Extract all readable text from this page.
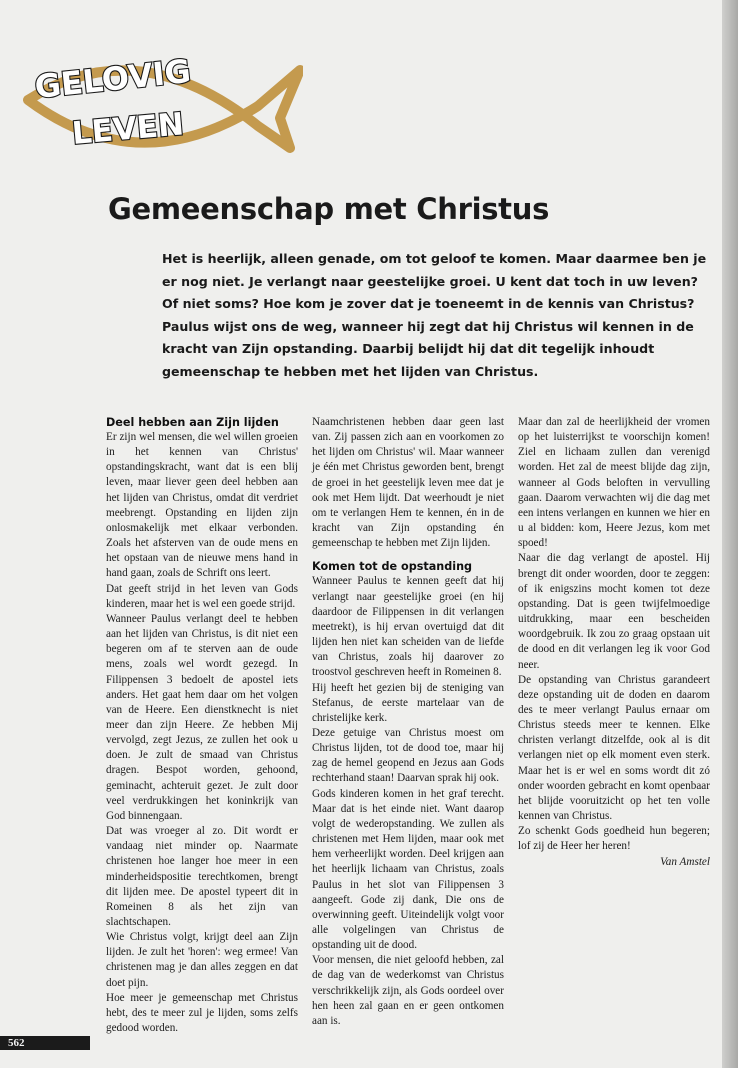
GELOVIG
LEVEN
Gemeenschap met Christus

Het is heerlijk, alleen genade, om tot geloof te komen. Maar daarmee ben je er nog niet. Je verlangt naar geestelijke groei. U kent dat toch in uw leven? Of niet soms? Hoe kom je zover dat je toeneemt in de kennis van Christus?

Paulus wijst ons de weg, wanneer hij zegt dat hij Christus wil kennen in de kracht van Zijn opstanding. Daarbij belijdt hij dat dit tegelijk inhoudt gemeenschap te hebben met het lijden van Christus.

Deel hebben aan Zijn lijden

Er zijn wel mensen, die wel willen groeien in het kennen van Christus' opstandingskracht, want dat is een blij leven, maar liever geen deel hebben aan het lijden van Christus, omdat dit verdriet meebrengt. Opstanding en lijden zijn onlosmakelijk met elkaar verbonden. Zoals het afsterven van de oude mens en het opstaan van de nieuwe mens hand in hand gaan, zoals de Schrift ons leert.

Dat geeft strijd in het leven van Gods kinderen, maar het is wel een goede strijd.

Wanneer Paulus verlangt deel te hebben aan het lijden van Christus, is dit niet een begeren om af te sterven aan de oude mens, zoals wel wordt gezegd. In Filippensen 3 bedoelt de apostel iets anders. Het gaat hem daar om het volgen van de Heere. Een dienstknecht is niet meer dan zijn Heere. Ze hebben Mij vervolgd, zegt Jezus, ze zullen het ook u doen. Je zult de smaad van Christus dragen. Bespot worden, gehoond, geminacht, achteruit gezet. Je zult door veel verdrukkingen het koninkrijk van God binnengaan.

Dat was vroeger al zo. Dit wordt er vandaag niet minder op. Naarmate christenen hoe langer hoe meer in een minderheidspositie terechtkomen, brengt dit lijden mee. De apostel typeert dit in Romeinen 8 als het zijn van slachtschapen.

Wie Christus volgt, krijgt deel aan Zijn lijden. Je zult het 'horen': weg ermee! Van christenen mag je dan alles zeggen en dat doet pijn.

Hoe meer je gemeenschap met Christus hebt, des te meer zul je lijden, soms zelfs gedood worden.

Naamchristenen hebben daar geen last van. Zij passen zich aan en voorkomen zo het lijden om Christus' wil. Maar wanneer je één met Christus geworden bent, brengt de groei in het geestelijk leven mee dat je ook met Hem lijdt. Dat weerhoudt je niet om te verlangen Hem te kennen, én in de kracht van Zijn opstanding én gemeenschap te hebben met Zijn lijden.

Komen tot de opstanding

Wanneer Paulus te kennen geeft dat hij verlangt naar geestelijke groei (en hij daardoor de Filippensen in dit verlangen meetrekt), is hij ervan overtuigd dat dit lijden hen niet kan scheiden van de liefde van Christus, zoals hij daarover zo troostvol geschreven heeft in Romeinen 8.

Hij heeft het gezien bij de steniging van Stefanus, de eerste martelaar van de christelijke kerk.

Deze getuige van Christus moest om Christus lijden, tot de dood toe, maar hij zag de hemel geopend en Jezus aan Gods rechterhand staan! Daarvan sprak hij ook.

Gods kinderen komen in het graf terecht. Maar dat is het einde niet. Want daarop volgt de wederopstanding. We zullen als christenen met Hem lijden, maar ook met hem verheerlijkt worden. Deel krijgen aan het heerlijk lichaam van Christus, zoals Paulus in het slot van Filippensen 3 aangeeft. Gode zij dank, Die ons de overwinning geeft. Uiteindelijk volgt voor alle volgelingen van Christus de opstanding uit de dood.

Voor mensen, die niet geloofd hebben, zal de dag van de wederkomst van Christus verschrikkelijk zijn, als Gods oordeel over hen heen zal gaan en er geen ontkomen aan is.

Maar dan zal de heerlijkheid der vromen op het luisterrijkst te voorschijn komen! Ziel en lichaam zullen dan verenigd worden. Het zal de meest blijde dag zijn, wanneer al Gods beloften in vervulling gaan. Daarom verwachten wij die dag met een intens verlangen en kunnen we hier en u al bidden: kom, Heere Jezus, kom met spoed!

Naar die dag verlangt de apostel. Hij brengt dit onder woorden, door te zeggen: of ik enigszins mocht komen tot deze opstanding. Dat is geen twijfelmoedige uitdrukking, maar een bescheiden woordgebruik. Ik zou zo graag opstaan uit de dood en dit verlangen leg ik voor God neer.

De opstanding van Christus garandeert deze opstanding uit de doden en daarom des te meer verlangt Paulus ernaar om Christus steeds meer te kennen. Elke christen verlangt ditzelfde, ook al is dit verlangen niet op elk moment even sterk. Maar het is er wel en soms wordt dit zó onder woorden gebracht en komt openbaar het blijde vooruitzicht op het ten volle kennen van Christus.

Zo schenkt Gods goedheid hun begeren; lof zij de Heer her heren!

Van Amstel

562
